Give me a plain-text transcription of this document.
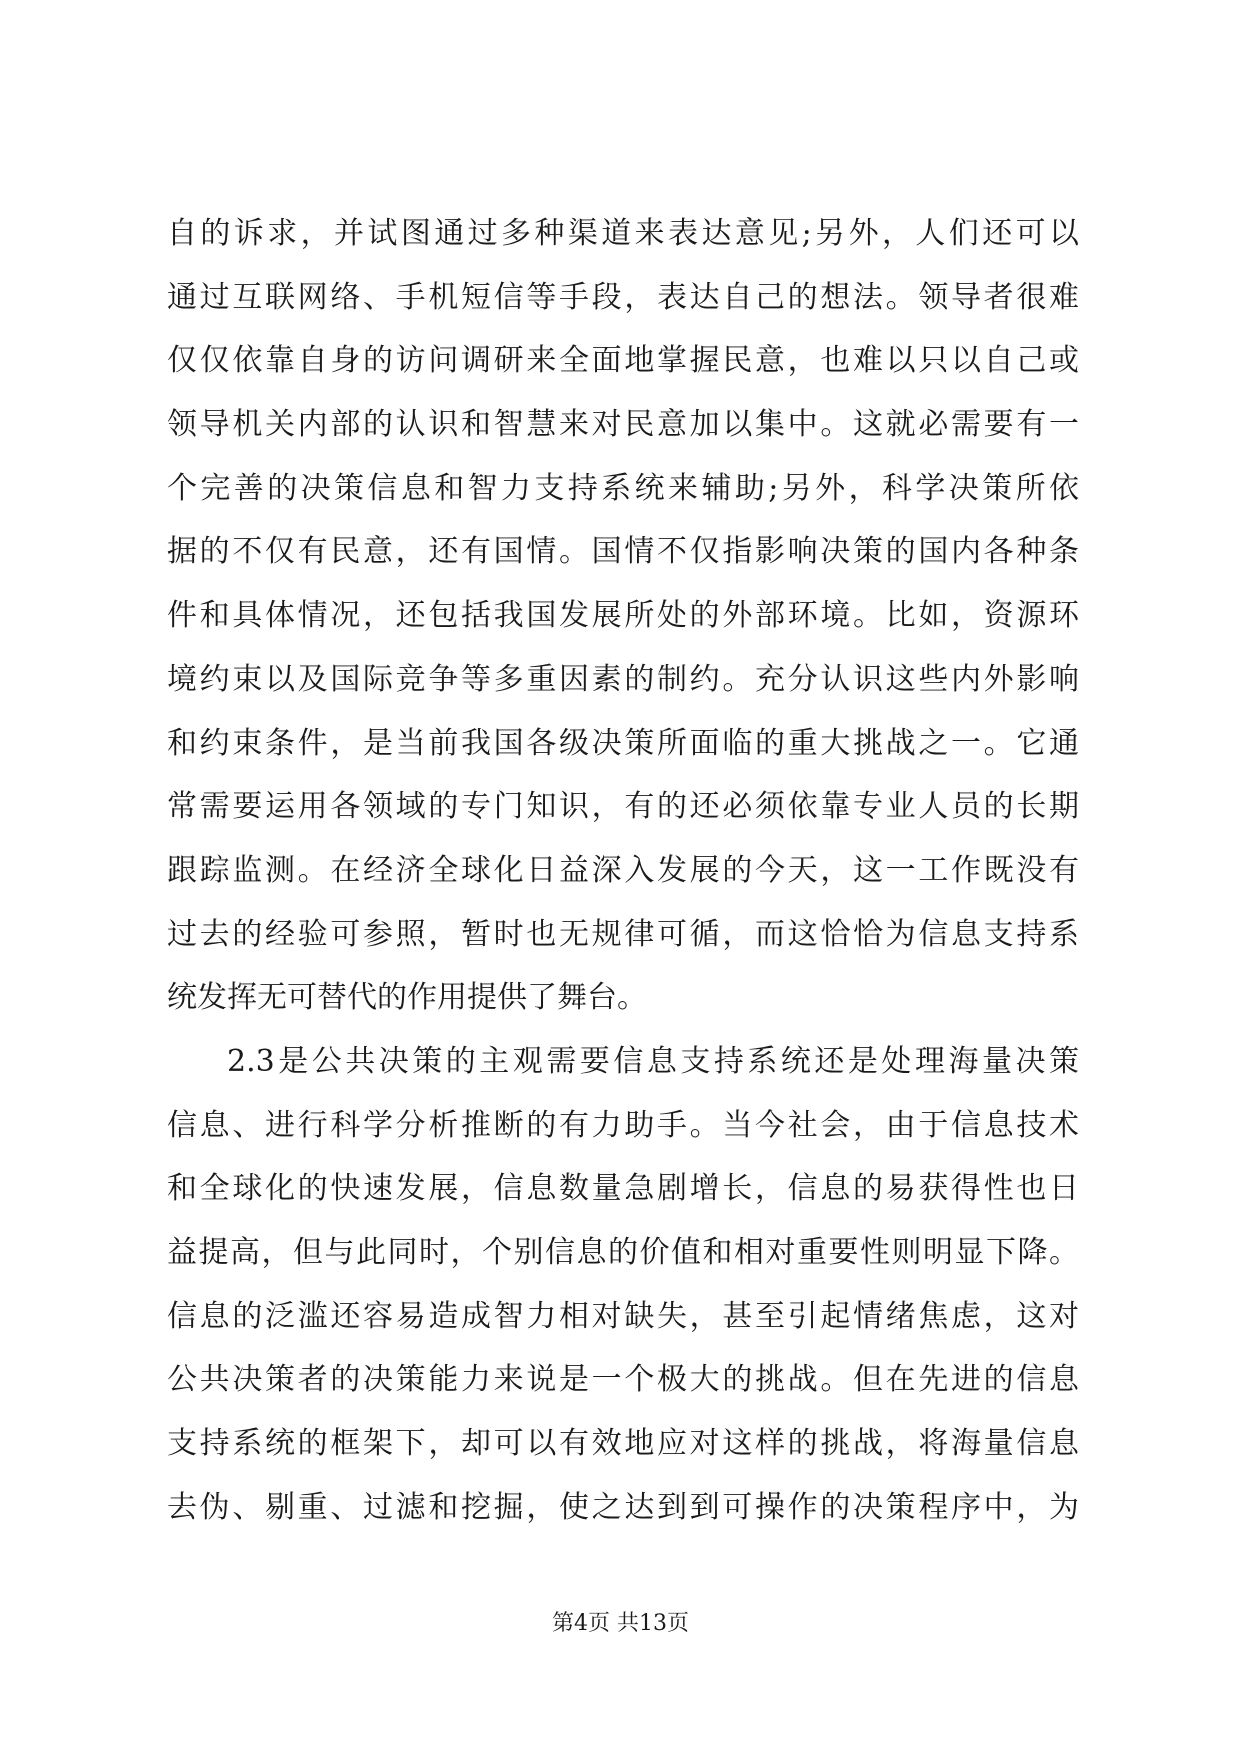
自的诉求，并试图通过多种渠道来表达意见;另外，人们还可以
通过互联网络、手机短信等手段，表达自己的想法。领导者很难
仅仅依靠自身的访问调研来全面地掌握民意，也难以只以自己或
领导机关内部的认识和智慧来对民意加以集中。这就必需要有一
个完善的决策信息和智力支持系统来辅助;另外，科学决策所依
据的不仅有民意，还有国情。国情不仅指影响决策的国内各种条
件和具体情况，还包括我国发展所处的外部环境。比如，资源环
境约束以及国际竞争等多重因素的制约。充分认识这些内外影响
和约束条件，是当前我国各级决策所面临的重大挑战之一。它通
常需要运用各领域的专门知识，有的还必须依靠专业人员的长期
跟踪监测。在经济全球化日益深入发展的今天，这一工作既没有
过去的经验可参照，暂时也无规律可循，而这恰恰为信息支持系
统发挥无可替代的作用提供了舞台。
2.3是公共决策的主观需要信息支持系统还是处理海量决策
信息、进行科学分析推断的有力助手。当今社会，由于信息技术
和全球化的快速发展，信息数量急剧增长，信息的易获得性也日
益提高，但与此同时，个别信息的价值和相对重要性则明显下降。
信息的泛滥还容易造成智力相对缺失，甚至引起情绪焦虑，这对
公共决策者的决策能力来说是一个极大的挑战。但在先进的信息
支持系统的框架下，却可以有效地应对这样的挑战，将海量信息
去伪、剔重、过滤和挖掘，使之达到到可操作的决策程序中，为
第4页 共13页
